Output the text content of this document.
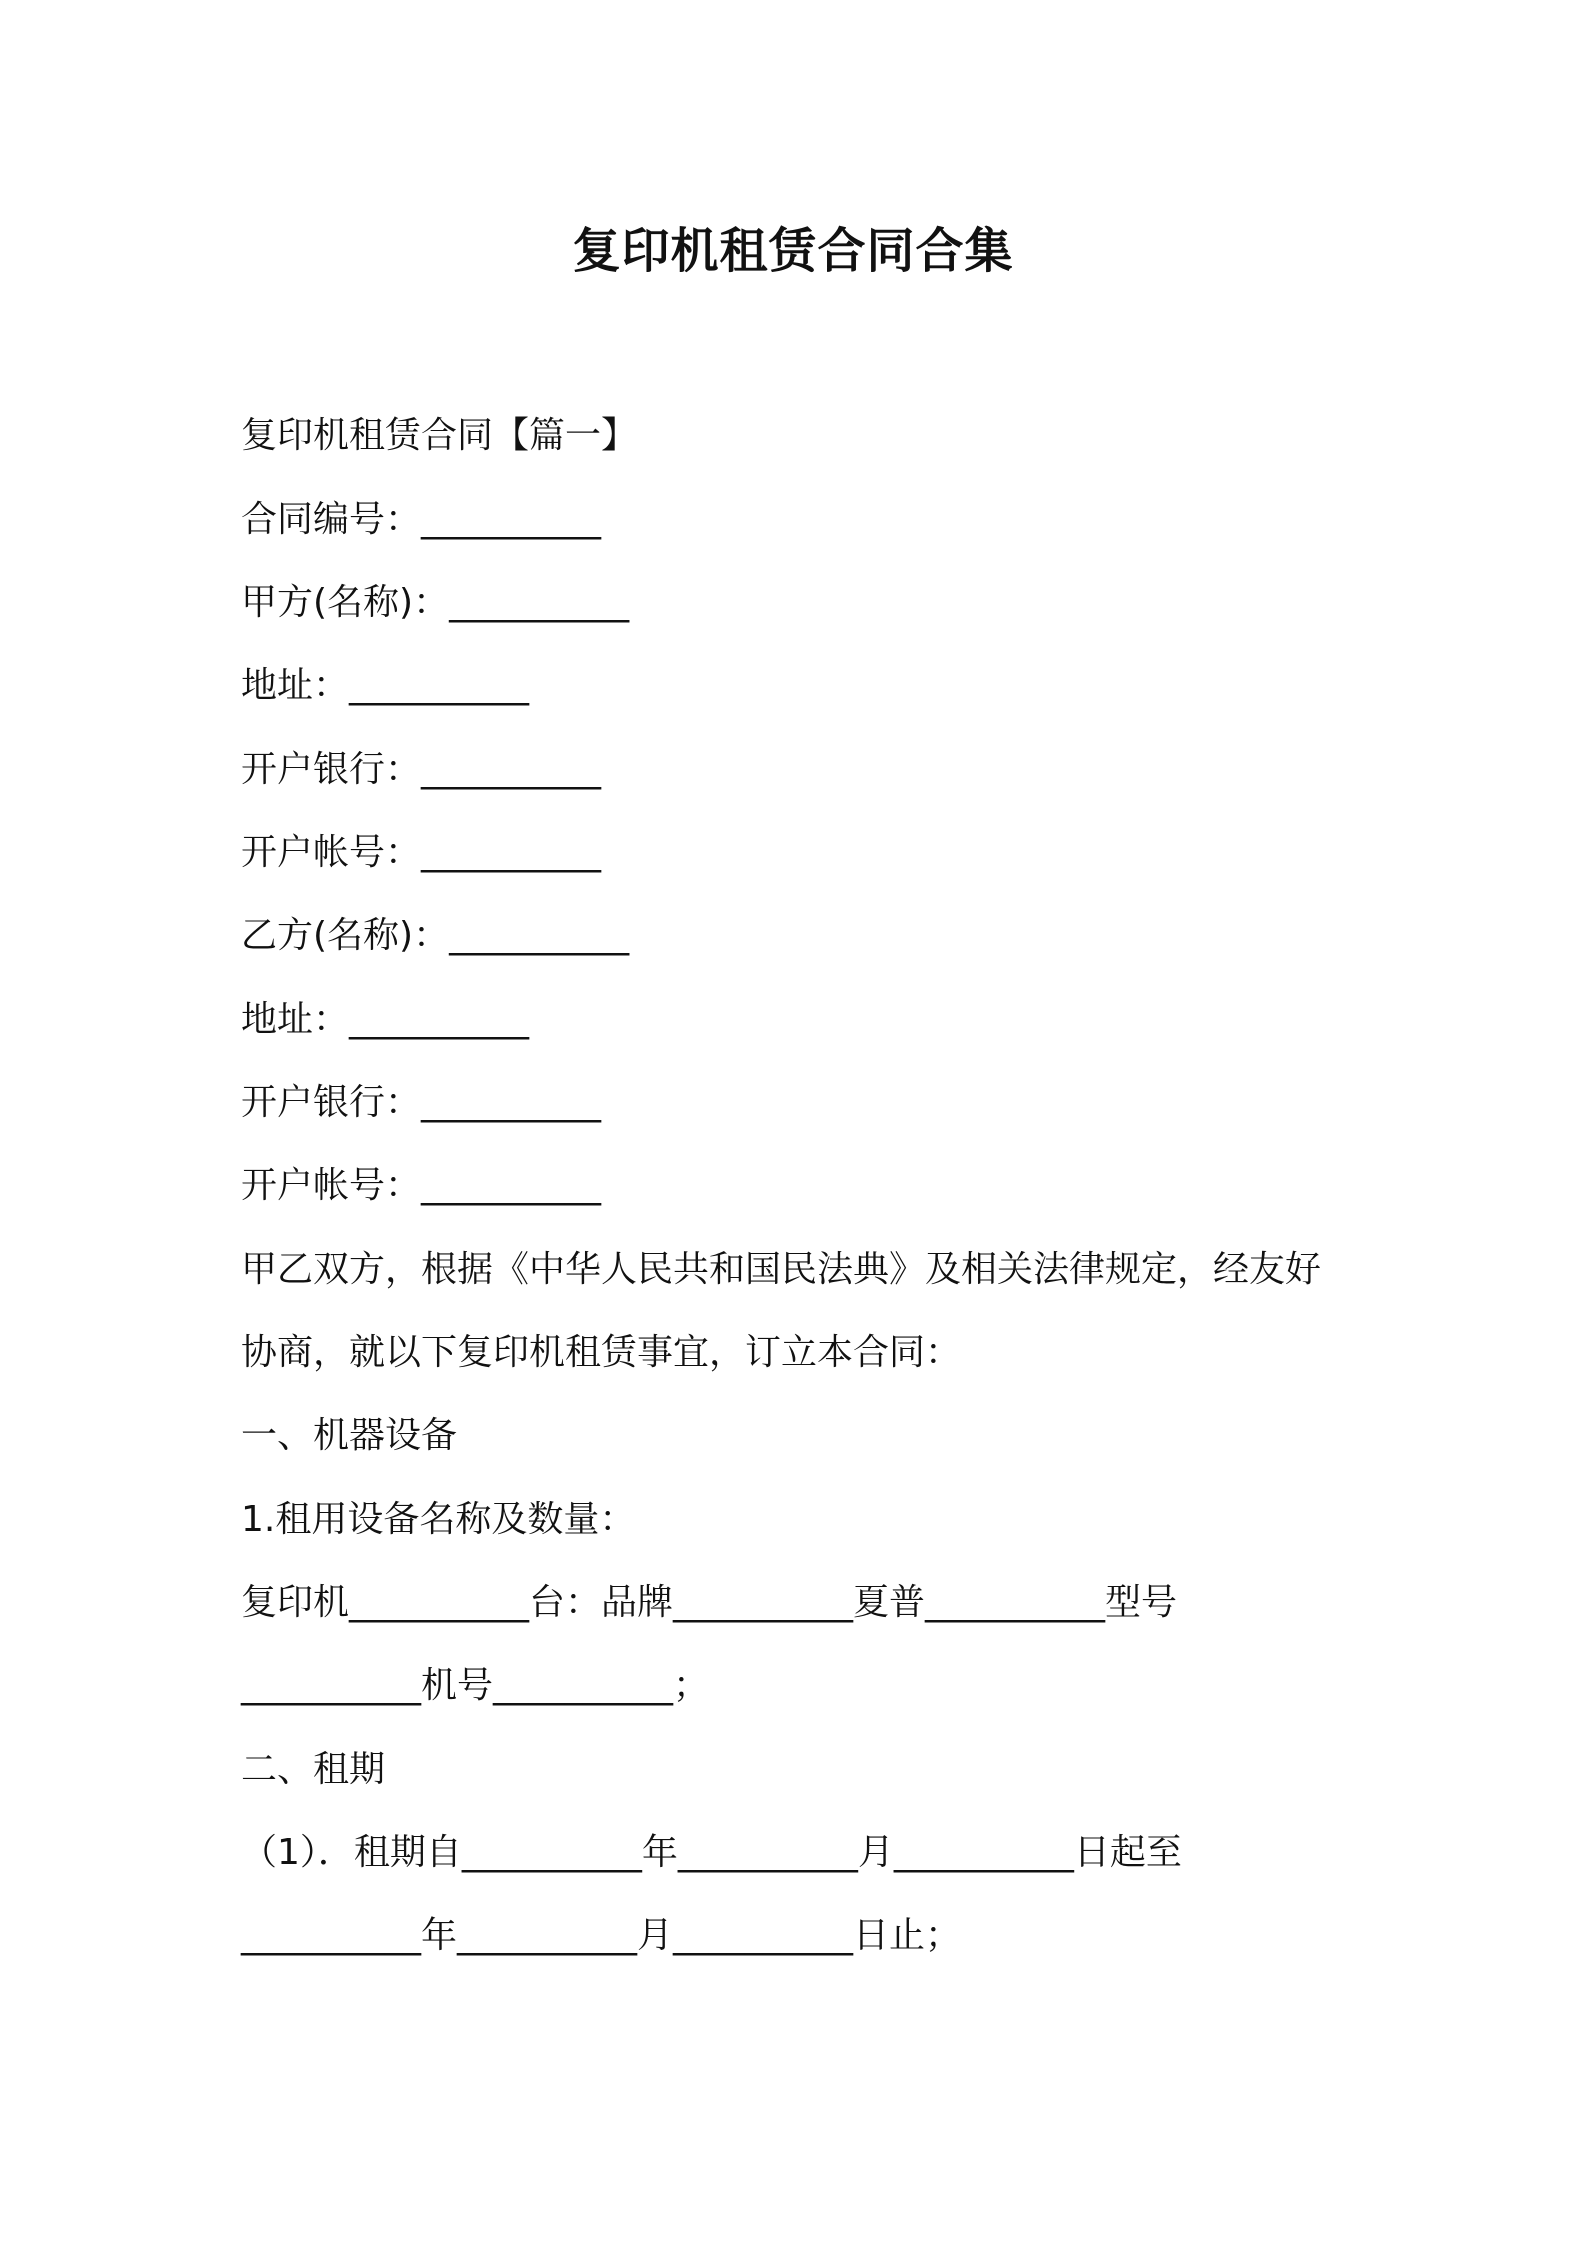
复印机租赁合同合集

复印机租赁合同【篇一】

合同编号：__________

甲方(名称)：__________

地址：__________

开户银行：__________

开户帐号：__________

乙方(名称)：__________

地址：__________

开户银行：__________

开户帐号：__________

甲乙双方，根据《中华人民共和国民法典》及相关法律规定，经友好

协商，就以下复印机租赁事宜，订立本合同：

一、机器设备

1.租用设备名称及数量：

复印机__________台：品牌__________夏普__________型号

__________机号__________；

二、租期

（1）．租期自__________年__________月__________日起至

__________年__________月__________日止；
